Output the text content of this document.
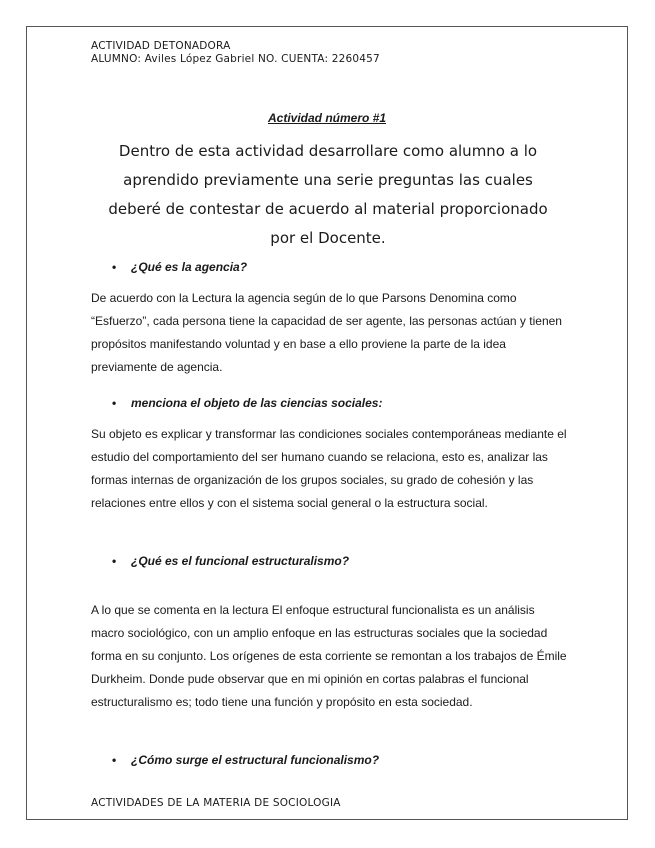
ACTIVIDAD DETONADORA
ALUMNO: Aviles López Gabriel NO. CUENTA: 2260457
Actividad número #1
Dentro de esta actividad desarrollare como alumno a lo aprendido previamente una serie preguntas las cuales deberé de contestar de acuerdo al material proporcionado por el Docente.
• ¿Qué es la agencia?
De acuerdo con la Lectura la agencia según de lo que Parsons Denomina como “Esfuerzo”, cada persona tiene la capacidad de ser agente, las personas actúan y tienen propósitos manifestando voluntad y en base a ello proviene la parte de la idea previamente de agencia.
• menciona el objeto de las ciencias sociales:
Su objeto es explicar y transformar las condiciones sociales contemporáneas mediante el estudio del comportamiento del ser humano cuando se relaciona, esto es, analizar las formas internas de organización de los grupos sociales, su grado de cohesión y las relaciones entre ellos y con el sistema social general o la estructura social.
• ¿Qué es el funcional estructuralismo?
A lo que se comenta en la lectura El enfoque estructural funcionalista es un análisis macro sociológico, con un amplio enfoque en las estructuras sociales que la sociedad forma en su conjunto. Los orígenes de esta corriente se remontan a los trabajos de Émile Durkheim. Donde pude observar que en mi opinión en cortas palabras el funcional estructuralismo es; todo tiene una función y propósito en esta sociedad.
• ¿Cómo surge el estructural funcionalismo?
ACTIVIDADES DE LA MATERIA DE SOCIOLOGIA
